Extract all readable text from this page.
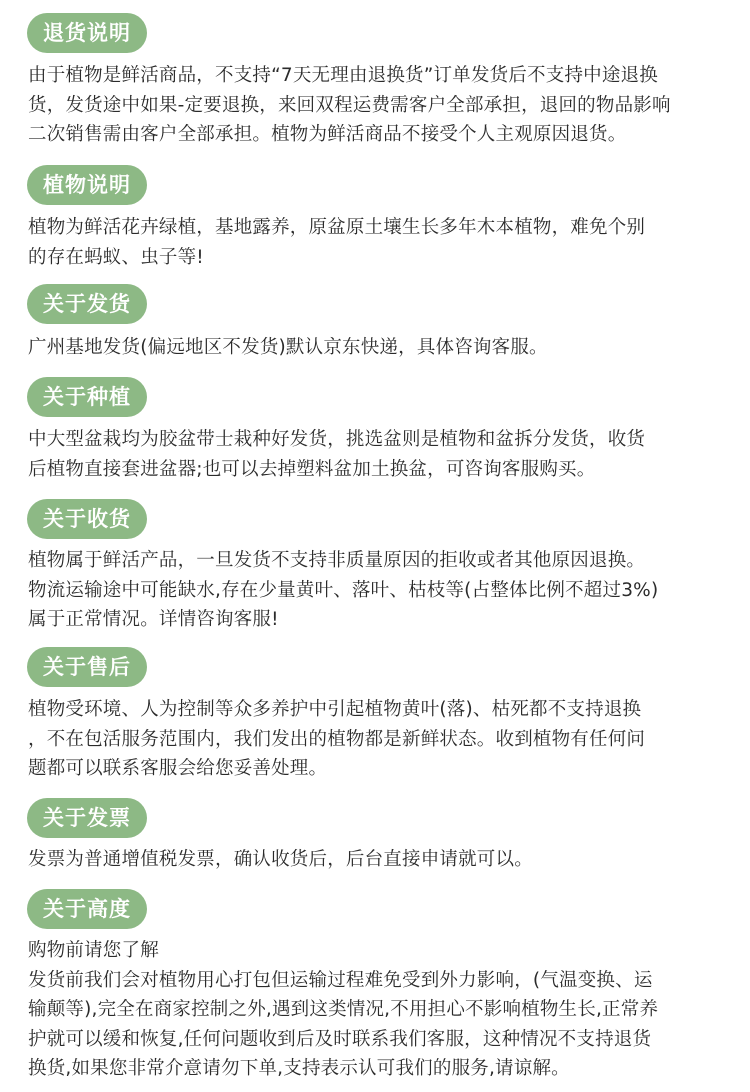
退货说明
由于植物是鲜活商品，不支持“7天无理由退换货”订单发货后不支持中途退换
货，发货途中如果-定要退换，来回双程运费需客户全部承担，退回的物品影响
二次销售需由客户全部承担。植物为鲜活商品不接受个人主观原因退货。
植物说明
植物为鲜活花卉绿植，基地露养，原盆原土壤生长多年木本植物，难免个别
的存在蚂蚁、虫子等!
关于发货
广州基地发货(偏远地区不发货)默认京东快递，具体咨询客服。
关于种植
中大型盆栽均为胶盆带士栽种好发货，挑选盆则是植物和盆拆分发货，收货
后植物直接套进盆器;也可以去掉塑料盆加土换盆，可咨询客服购买。
关于收货
植物属于鲜活产品，一旦发货不支持非质量原因的拒收或者其他原因退换。
物流运输途中可能缺水,存在少量黄叶、落叶、枯枝等(占整体比例不超过3%)
属于正常情况。详情咨询客服!
关于售后
植物受环境、人为控制等众多养护中引起植物黄叶(落)、枯死都不支持退换
，不在包活服务范围内，我们发出的植物都是新鲜状态。收到植物有任何问
题都可以联系客服会给您妥善处理。
关于发票
发票为普通增值税发票，确认收货后，后台直接申请就可以。
关于高度
购物前请您了解
发货前我们会对植物用心打包但运输过程难免受到外力影响，(气温变换、运
输颠等),完全在商家控制之外,遇到这类情况,不用担心不影响植物生长,正常养
护就可以缓和恢复,任何问题收到后及时联系我们客服，这种情况不支持退货
换货,如果您非常介意请勿下单,支持表示认可我们的服务,请谅解。
